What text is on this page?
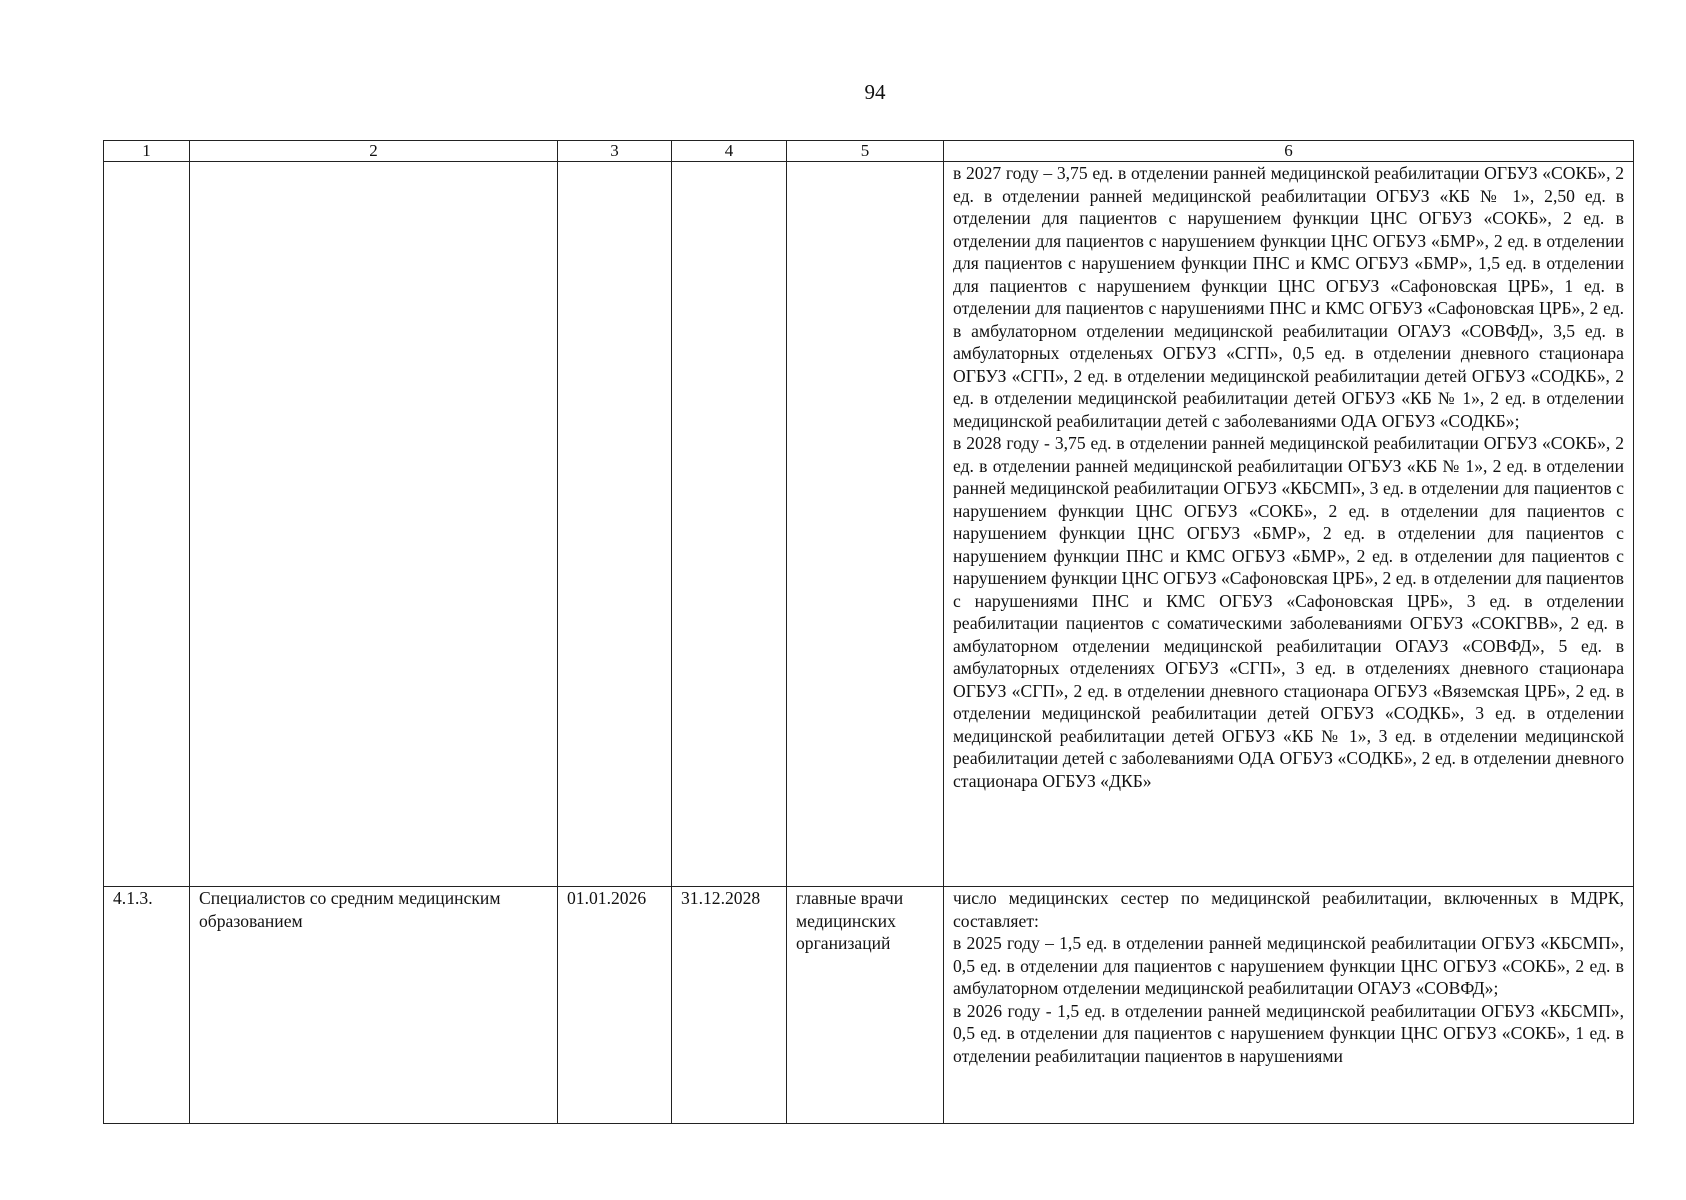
94
1	2	3	4	5	6

					в 2027 году – 3,75 ед. в отделении ранней медицинской реабилитации ОГБУЗ «СОКБ», 2 ед. в отделении ранней медицинской реабилитации ОГБУЗ «КБ № 1», 2,50 ед. в отделении для пациентов с нарушением функции ЦНС ОГБУЗ «СОКБ», 2 ед. в отделении для пациентов с нарушением функции ЦНС ОГБУЗ «БМР», 2 ед. в отделении для пациентов с нарушением функции ПНС и КМС ОГБУЗ «БМР», 1,5 ед. в отделении для пациентов с нарушением функции ЦНС ОГБУЗ «Сафоновская ЦРБ», 1 ед. в отделении для пациентов с нарушениями ПНС и КМС ОГБУЗ «Сафоновская ЦРБ», 2 ед. в амбулаторном отделении медицинской реабилитации ОГАУЗ «СОВФД», 3,5 ед. в амбулаторных отделеньях ОГБУЗ «СГП», 0,5 ед. в отделении дневного стационара ОГБУЗ «СГП», 2 ед. в отделении медицинской реабилитации детей ОГБУЗ «СОДКБ», 2 ед. в отделении медицинской реабилитации детей ОГБУЗ «КБ № 1», 2 ед. в отделении медицинской реабилитации детей с заболеваниями ОДА ОГБУЗ «СОДКБ»;
в 2028 году - 3,75 ед. в отделении ранней медицинской реабилитации ОГБУЗ «СОКБ», 2 ед. в отделении ранней медицинской реабилитации ОГБУЗ «КБ № 1», 2 ед. в отделении ранней медицинской реабилитации ОГБУЗ «КБСМП», 3 ед. в отделении для пациентов с нарушением функции ЦНС ОГБУЗ «СОКБ», 2 ед. в отделении для пациентов с нарушением функции ЦНС ОГБУЗ «БМР», 2 ед. в отделении для пациентов с нарушением функции ПНС и КМС ОГБУЗ «БМР», 2 ед. в отделении для пациентов с нарушением функции ЦНС ОГБУЗ «Сафоновская ЦРБ», 2 ед. в отделении для пациентов с нарушениями ПНС и КМС ОГБУЗ «Сафоновская ЦРБ», 3 ед. в отделении реабилитации пациентов с соматическими заболеваниями ОГБУЗ «СОКГВВ», 2 ед. в амбулаторном отделении медицинской реабилитации ОГАУЗ «СОВФД», 5 ед. в амбулаторных отделениях ОГБУЗ «СГП», 3 ед. в отделениях дневного стационара ОГБУЗ «СГП», 2 ед. в отделении дневного стационара ОГБУЗ «Вяземская ЦРБ», 2 ед. в отделении медицинской реабилитации детей ОГБУЗ «СОДКБ», 3 ед. в отделении медицинской реабилитации детей ОГБУЗ «КБ № 1», 3 ед. в отделении медицинской реабилитации детей с заболеваниями ОДА ОГБУЗ «СОДКБ», 2 ед. в отделении дневного стационара ОГБУЗ «ДКБ»

4.1.3.	Специалистов со средним медицинским образованием	01.01.2026	31.12.2028	главные врачи медицинских организаций	число медицинских сестер по медицинской реабилитации, включенных в МДРК, составляет:
в 2025 году – 1,5 ед. в отделении ранней медицинской реабилитации ОГБУЗ «КБСМП», 0,5 ед. в отделении для пациентов с нарушением функции ЦНС ОГБУЗ «СОКБ», 2 ед. в амбулаторном отделении медицинской реабилитации ОГАУЗ «СОВФД»;
в 2026 году - 1,5 ед. в отделении ранней медицинской реабилитации ОГБУЗ «КБСМП», 0,5 ед. в отделении для пациентов с нарушением функции ЦНС ОГБУЗ «СОКБ», 1 ед. в отделении реабилитации пациентов в нарушениями
